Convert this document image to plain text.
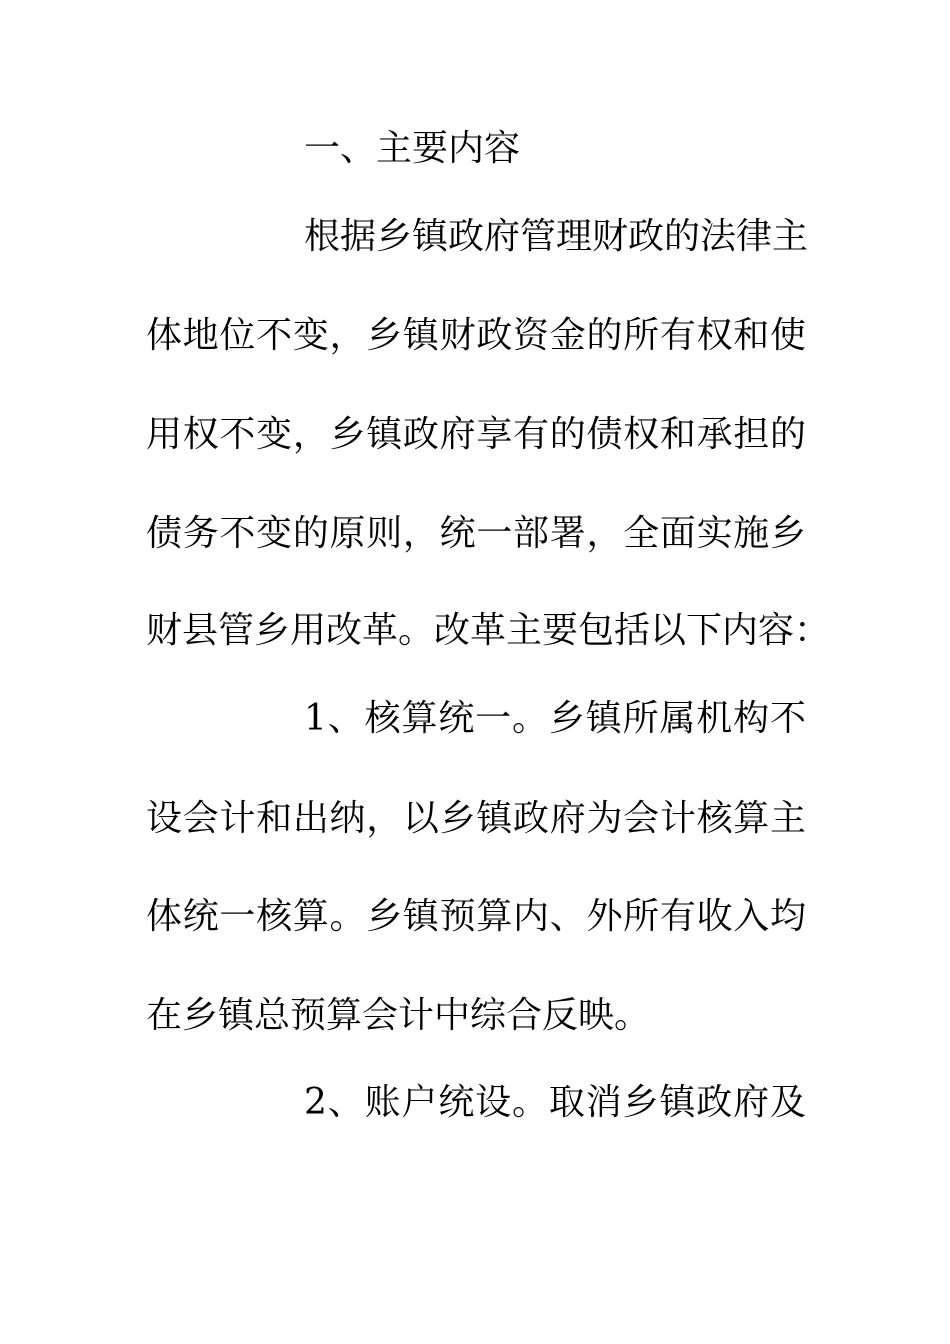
一、主要内容
根据乡镇政府管理财政的法律主
体地位不变，乡镇财政资金的所有权和使
用权不变，乡镇政府享有的债权和承担的
债务不变的原则，统一部署，全面实施乡
财县管乡用改革。改革主要包括以下内容：
1、核算统一。乡镇所属机构不
设会计和出纳，以乡镇政府为会计核算主
体统一核算。乡镇预算内、外所有收入均
在乡镇总预算会计中综合反映。
2、账户统设。取消乡镇政府及
